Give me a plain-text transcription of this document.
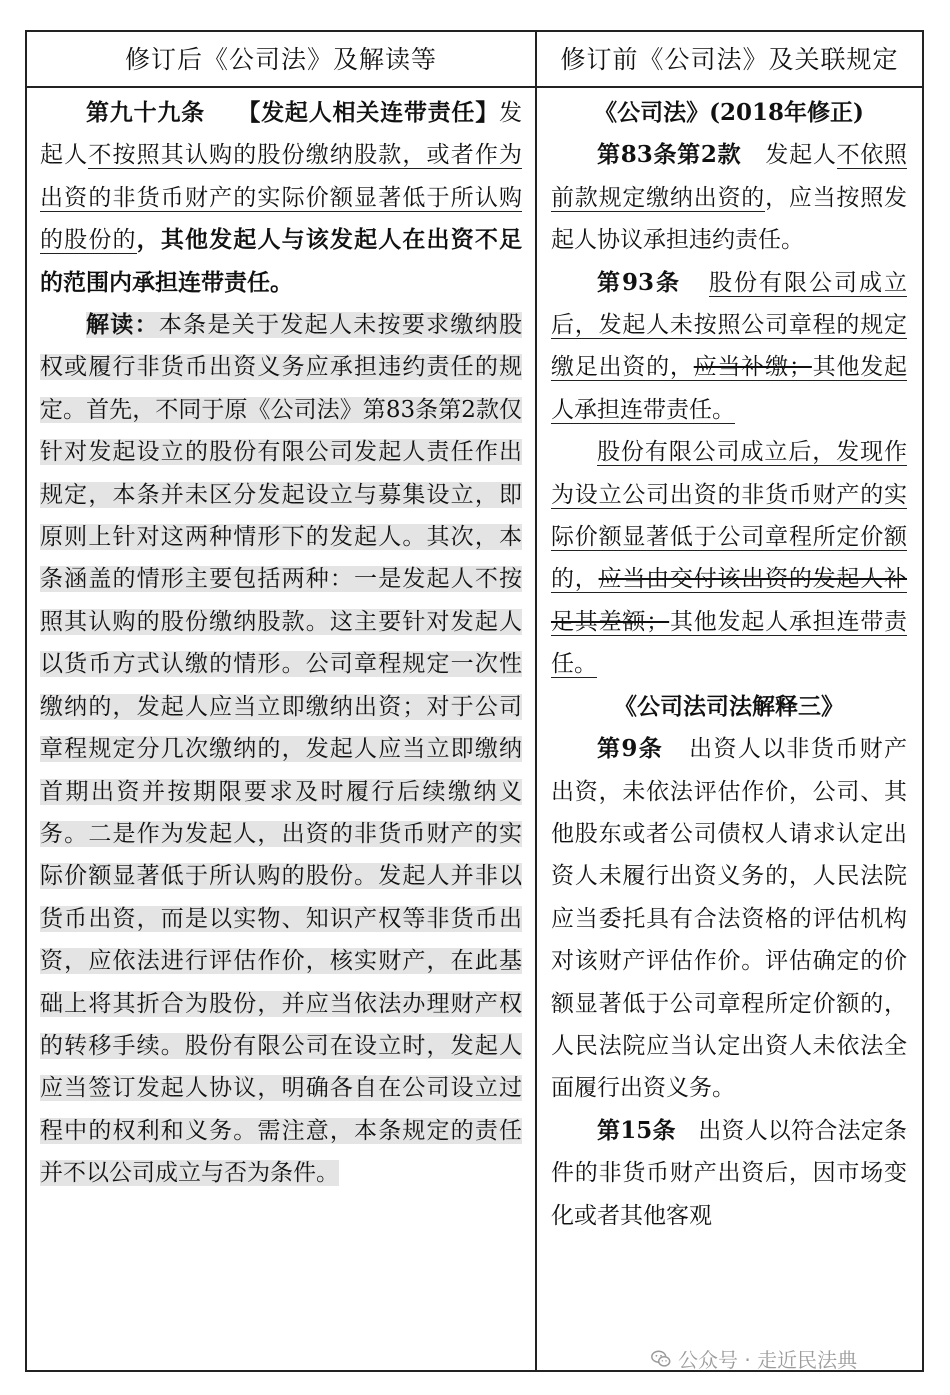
修订后《公司法》及解读等	修订前《公司法》及关联规定

第九十九条 【发起人相关连带责任】发起人不按照其认购的股份缴纳股款，或者作为出资的非货币财产的实际价额显著低于所认购的股份的，其他发起人与该发起人在出资不足的范围内承担连带责任。

解读：本条是关于发起人未按要求缴纳股权或履行非货币出资义务应承担违约责任的规定。首先，不同于原《公司法》第83条第2款仅针对发起设立的股份有限公司发起人责任作出规定，本条并未区分发起设立与募集设立，即原则上针对这两种情形下的发起人。其次，本条涵盖的情形主要包括两种：一是发起人不按照其认购的股份缴纳股款。这主要针对发起人以货币方式认缴的情形。公司章程规定一次性缴纳的，发起人应当立即缴纳出资；对于公司章程规定分几次缴纳的，发起人应当立即缴纳首期出资并按期限要求及时履行后续缴纳义务。二是作为发起人，出资的非货币财产的实际价额显著低于所认购的股份。发起人并非以货币出资，而是以实物、知识产权等非货币出资，应依法进行评估作价，核实财产，在此基础上将其折合为股份，并应当依法办理财产权的转移手续。股份有限公司在设立时，发起人应当签订发起人协议，明确各自在公司设立过程中的权利和义务。需注意，本条规定的责任并不以公司成立与否为条件。

《公司法》(2018年修正)

第83条第2款 发起人不依照前款规定缴纳出资的，应当按照发起人协议承担违约责任。

第93条 股份有限公司成立后，发起人未按照公司章程的规定缴足出资的，应当补缴；其他发起人承担连带责任。

股份有限公司成立后，发现作为设立公司出资的非货币财产的实际价额显著低于公司章程所定价额的，应当由交付该出资的发起人补足其差额；其他发起人承担连带责任。

《公司法司法解释三》

第9条 出资人以非货币财产出资，未依法评估作价，公司、其他股东或者公司债权人请求认定出资人未履行出资义务的，人民法院应当委托具有合法资格的评估机构对该财产评估作价。评估确定的价额显著低于公司章程所定价额的，人民法院应当认定出资人未依法全面履行出资义务。

第15条 出资人以符合法定条件的非货币财产出资后，因市场变化或者其他客观

公众号 · 走近民法典
